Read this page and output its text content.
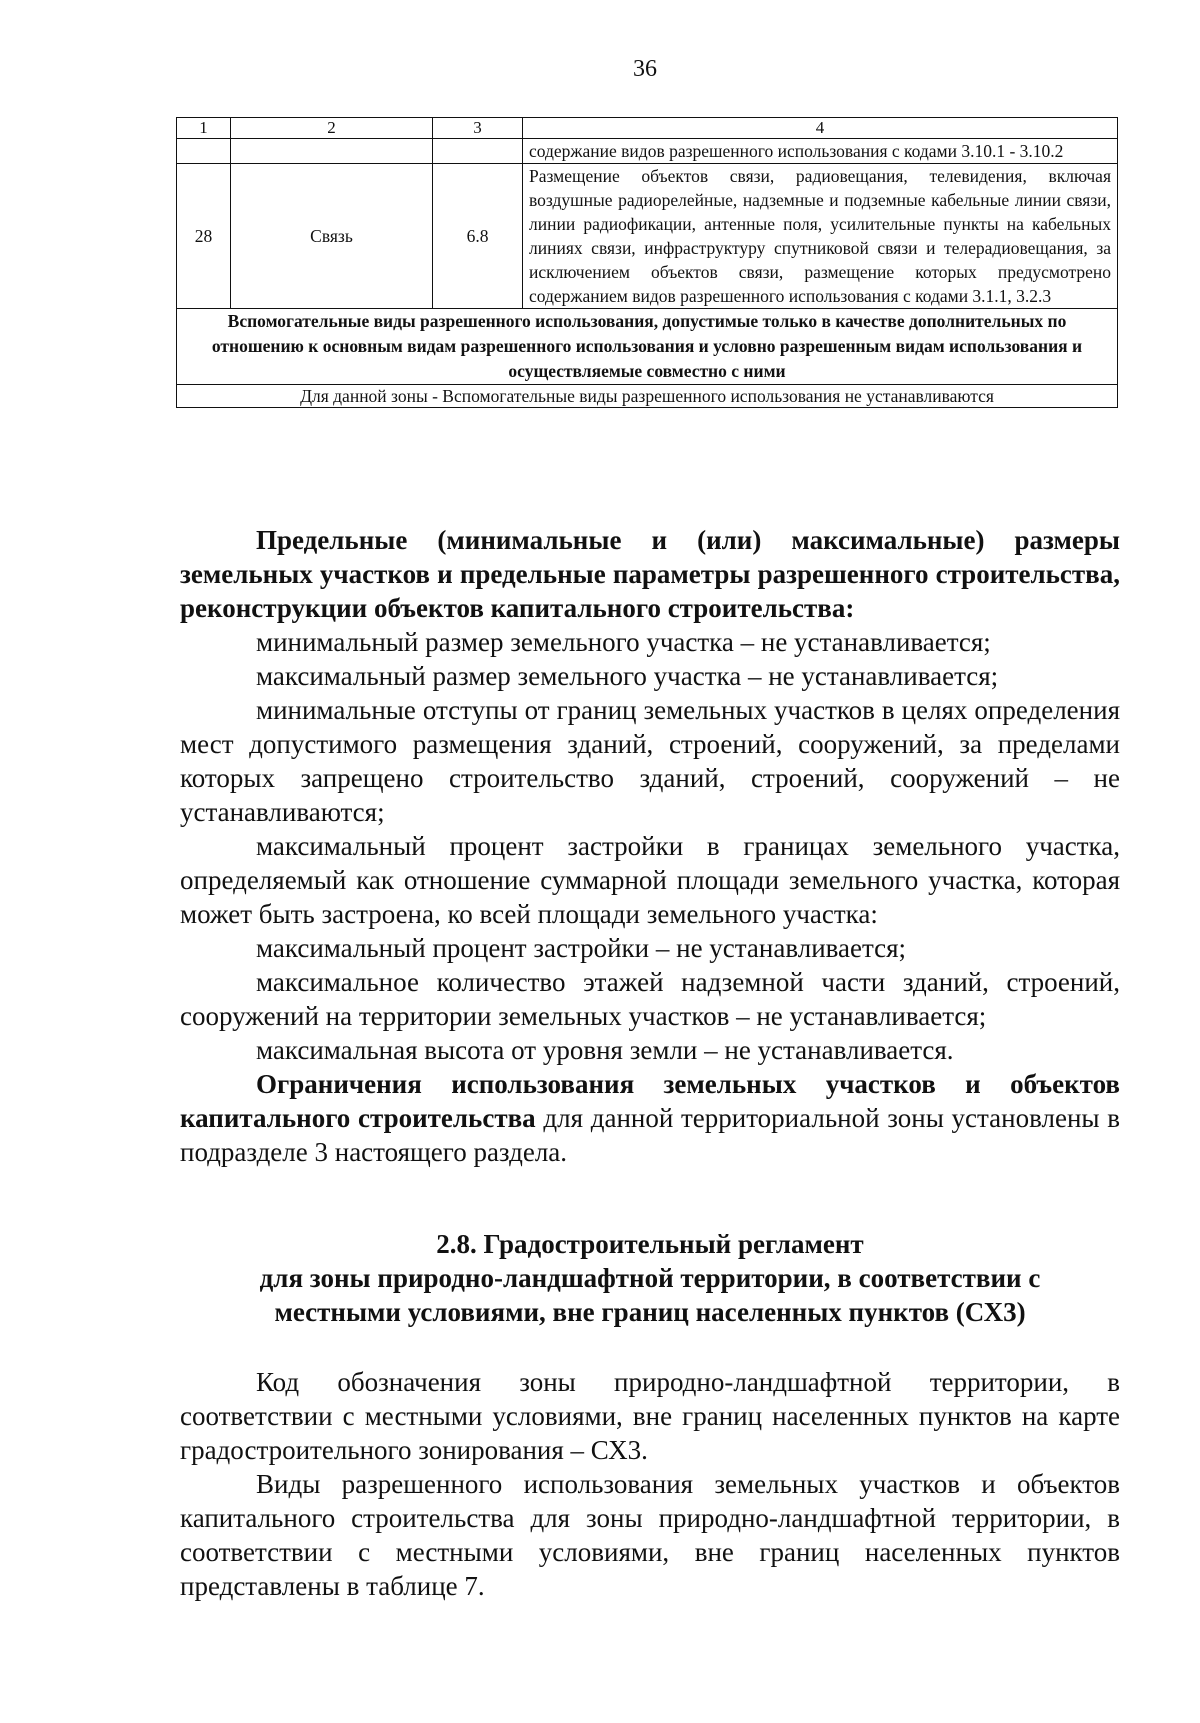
36
1	2	3	4
			содержание видов разрешенного использования с кодами 3.10.1 - 3.10.2
28	Связь	6.8	Размещение объектов связи, радиовещания, телевидения, включая воздушные радиорелейные, надземные и подземные кабельные линии связи, линии радиофикации, антенные поля, усилительные пункты на кабельных линиях связи, инфраструктуру спутниковой связи и телерадиовещания, за исключением объектов связи, размещение которых предусмотрено содержанием видов разрешенного использования с кодами 3.1.1, 3.2.3
Вспомогательные виды разрешенного использования, допустимые только в качестве дополнительных по отношению к основным видам разрешенного использования и условно разрешенным видам использования и осуществляемые совместно с ними			
Для данной зоны - Вспомогательные виды разрешенного использования не устанавливаются			

Предельные (минимальные и (или) максимальные) размеры земельных участков и предельные параметры разрешенного строительства, реконструкции объектов капитального строительства:

минимальный размер земельного участка – не устанавливается;

максимальный размер земельного участка – не устанавливается;

минимальные отступы от границ земельных участков в целях определения мест допустимого размещения зданий, строений, сооружений, за пределами которых запрещено строительство зданий, строений, сооружений – не устанавливаются;

максимальный процент застройки в границах земельного участка, определяемый как отношение суммарной площади земельного участка, которая может быть застроена, ко всей площади земельного участка:

максимальный процент застройки – не устанавливается;

максимальное количество этажей надземной части зданий, строений, сооружений на территории земельных участков – не устанавливается;

максимальная высота от уровня земли – не устанавливается.

Ограничения использования земельных участков и объектов капитального строительства для данной территориальной зоны установлены в подразделе 3 настоящего раздела.

2.8. Градостроительный регламент

для зоны природно-ландшафтной территории, в соответствии с

местными условиями, вне границ населенных пунктов (СХ3)

Код обозначения зоны природно-ландшафтной территории, в соответствии с местными условиями, вне границ населенных пунктов на карте градостроительного зонирования – СХ3.

Виды разрешенного использования земельных участков и объектов капитального строительства для зоны природно-ландшафтной территории, в соответствии с местными условиями, вне границ населенных пунктов представлены в таблице 7.
